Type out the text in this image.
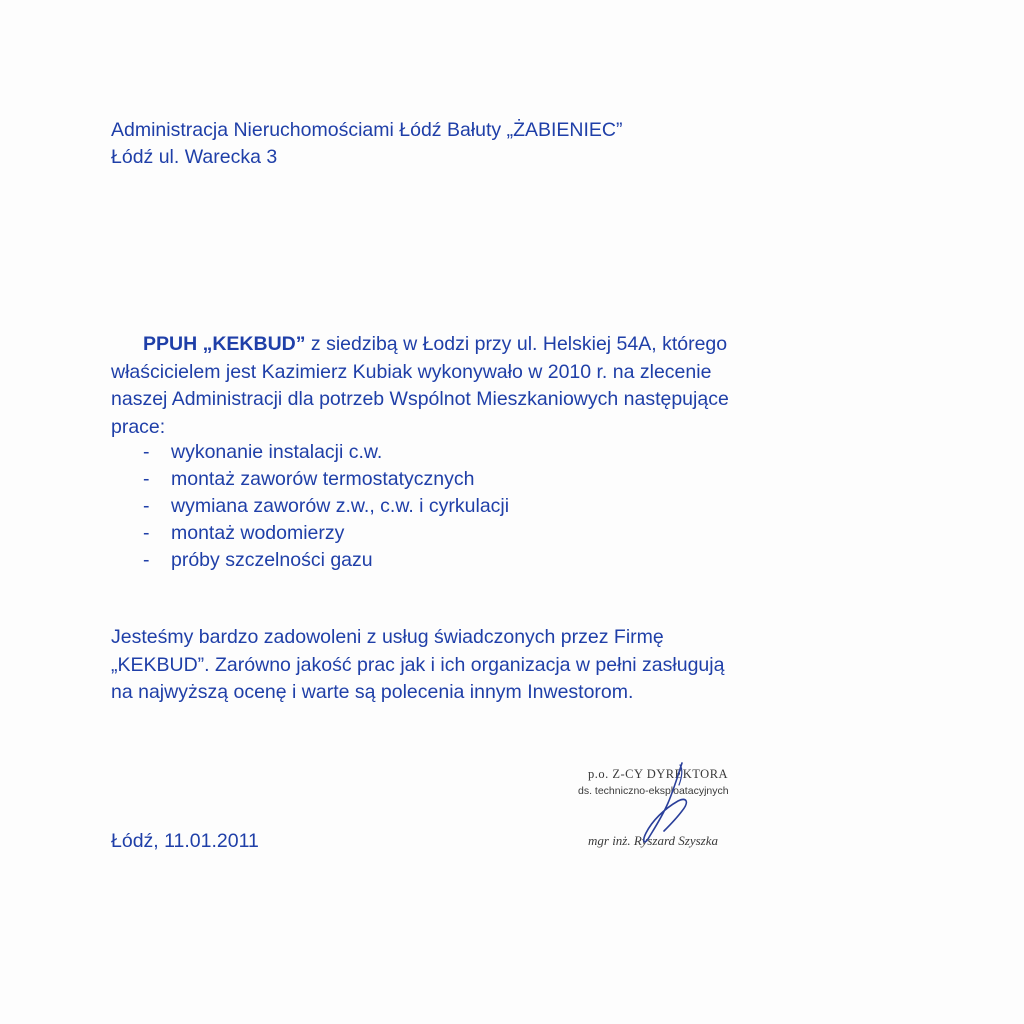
Administracja Nieruchomościami Łódź Bałuty „ŻABIENIEC”
Łódź ul. Warecka 3
PPUH „KEKBUD” z siedzibą w Łodzi przy ul. Helskiej 54A, którego
właścicielem jest Kazimierz Kubiak wykonywało w 2010 r. na zlecenie
naszej Administracji dla potrzeb Wspólnot Mieszkaniowych następujące
prace:
-	wykonanie instalacji c.w.
-	montaż zaworów termostatycznych
-	wymiana zaworów z.w., c.w. i cyrkulacji
-	montaż wodomierzy
-	próby szczelności gazu
Jesteśmy bardzo zadowoleni z usług świadczonych przez Firmę
„KEKBUD”. Zarówno jakość prac jak i ich organizacja w pełni zasługują
na najwyższą ocenę i warte są polecenia innym Inwestorom.
Łódź, 11.01.2011
p.o. Z-CY DYREKTORA
ds. techniczno-eksploatacyjnych
mgr inż. Ryszard Szyszka
